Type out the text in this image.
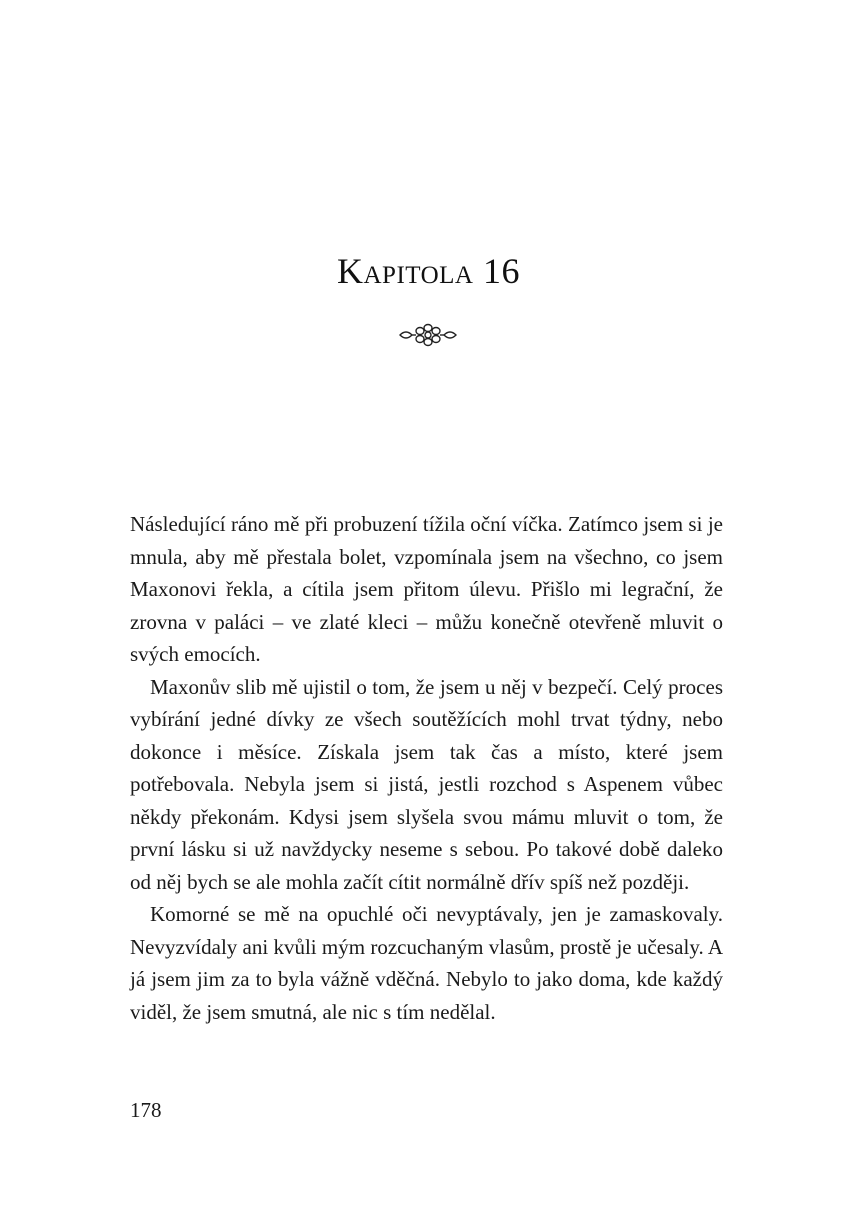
Kapitola 16

Následující ráno mě při probuzení tížila oční víčka. Zatímco jsem si je mnula, aby mě přestala bolet, vzpomínala jsem na všechno, co jsem Maxonovi řekla, a cítila jsem přitom úlevu. Přišlo mi legrační, že zrovna v paláci – ve zlaté kleci – můžu konečně otevřeně mluvit o svých emocích.

Maxonův slib mě ujistil o tom, že jsem u něj v bezpečí. Celý proces vybírání jedné dívky ze všech soutěžících mohl trvat týdny, nebo dokonce i měsíce. Získala jsem tak čas a místo, které jsem potřebovala. Nebyla jsem si jistá, jestli rozchod s Aspenem vůbec někdy překonám. Kdysi jsem slyšela svou mámu mluvit o tom, že první lásku si už navždycky neseme s sebou. Po takové době daleko od něj bych se ale mohla začít cítit normálně dřív spíš než později.

Komorné se mě na opuchlé oči nevyptávaly, jen je zamaskovaly. Nevyzvídaly ani kvůli mým rozcuchaným vlasům, prostě je učesaly. A já jsem jim za to byla vážně vděčná. Nebylo to jako doma, kde každý viděl, že jsem smutná, ale nic s tím nedělal.

178
